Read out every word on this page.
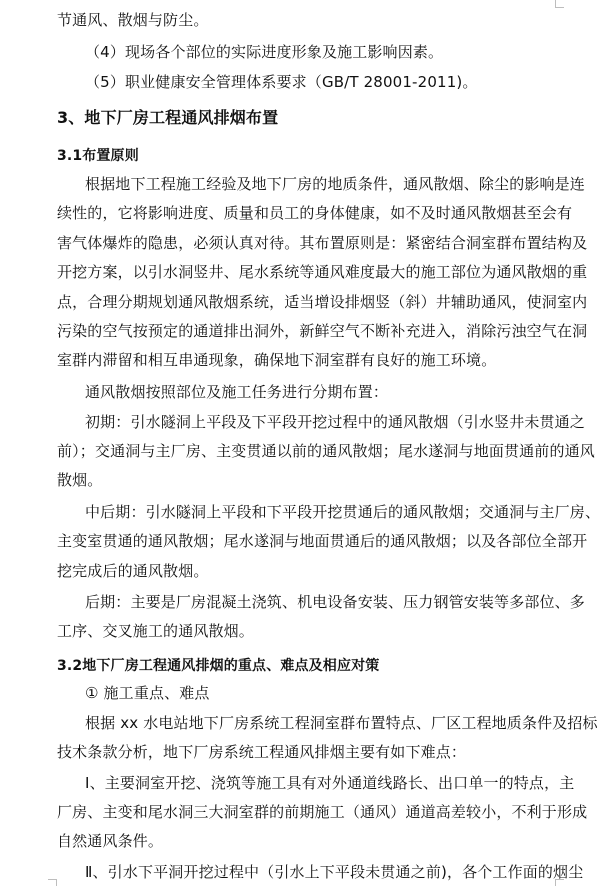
节通风、散烟与防尘。
（4）现场各个部位的实际进度形象及施工影响因素。
（5）职业健康安全管理体系要求（GB/T 28001-2011)。
3、地下厂房工程通风排烟布置
3.1布置原则
根据地下工程施工经验及地下厂房的地质条件，通风散烟、除尘的影响是连
续性的，它将影响进度、质量和员工的身体健康，如不及时通风散烟甚至会有
害气体爆炸的隐患，必须认真对待。其布置原则是：紧密结合洞室群布置结构及
开挖方案，以引水洞竖井、尾水系统等通风难度最大的施工部位为通风散烟的重
点，合理分期规划通风散烟系统，适当增设排烟竖（斜）井辅助通风，使洞室内
污染的空气按预定的通道排出洞外，新鲜空气不断补充进入，消除污浊空气在洞
室群内滞留和相互串通现象，确保地下洞室群有良好的施工环境。
通风散烟按照部位及施工任务进行分期布置：
初期：引水隧洞上平段及下平段开挖过程中的通风散烟（引水竖井未贯通之
前）；交通洞与主厂房、主变贯通以前的通风散烟；尾水遂洞与地面贯通前的通风
散烟。
中后期：引水隧洞上平段和下平段开挖贯通后的通风散烟；交通洞与主厂房、
主变室贯通的通风散烟；尾水遂洞与地面贯通后的通风散烟；以及各部位全部开
挖完成后的通风散烟。
后期：主要是厂房混凝土浇筑、机电设备安装、压力钢管安装等多部位、多
工序、交叉施工的通风散烟。
3.2地下厂房工程通风排烟的重点、难点及相应对策
① 施工重点、难点
根据 xx 水电站地下厂房系统工程洞室群布置特点、厂区工程地质条件及招标
技术条款分析，地下厂房系统工程通风排烟主要有如下难点：
Ⅰ、主要洞室开挖、浇筑等施工具有对外通道线路长、出口单一的特点，主
厂房、主变和尾水洞三大洞室群的前期施工（通风）通道高差较小，不利于形成
自然通风条件。
Ⅱ、引水下平洞开挖过程中（引水上下平段未贯通之前)，各个工作面的烟尘
